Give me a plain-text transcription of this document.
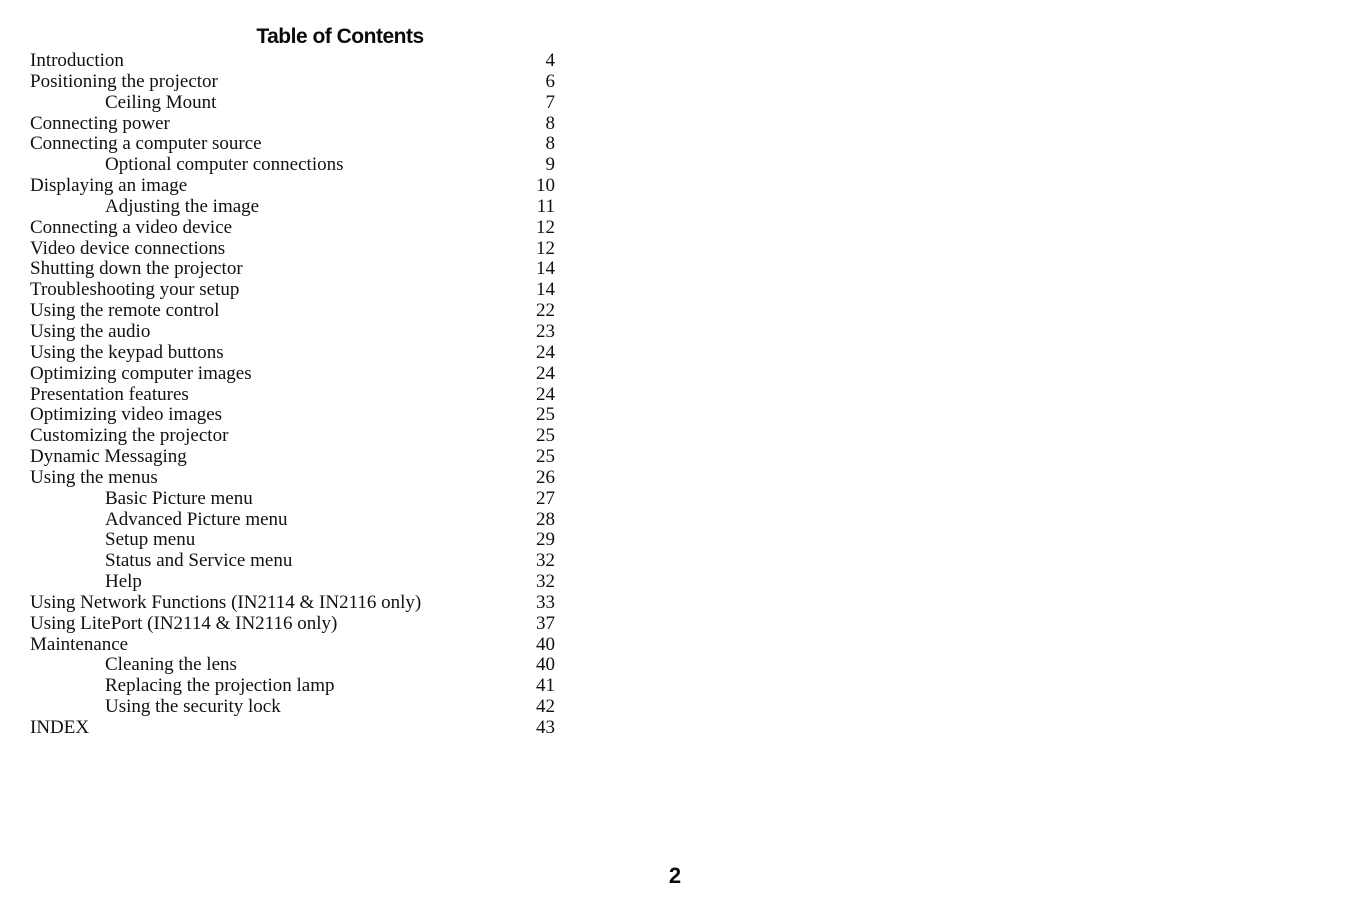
Table of Contents
Introduction	4
Positioning the projector	6
Ceiling Mount	7
Connecting power	8
Connecting a computer source	8
Optional computer connections	9
Displaying an image	10
Adjusting the image	11
Connecting a video device	12
Video device connections	12
Shutting down the projector	14
Troubleshooting your setup	14
Using the remote control	22
Using the audio	23
Using the keypad buttons	24
Optimizing computer images	24
Presentation features	24
Optimizing video images	25
Customizing the projector	25
Dynamic Messaging	25
Using the menus	26
Basic Picture menu	27
Advanced Picture menu	28
Setup menu	29
Status and Service menu	32
Help	32
Using Network Functions (IN2114 & IN2116 only)	33
Using LitePort (IN2114 & IN2116 only)	37
Maintenance	40
Cleaning the lens	40
Replacing the projection lamp	41
Using the security lock	42
INDEX	43
2
